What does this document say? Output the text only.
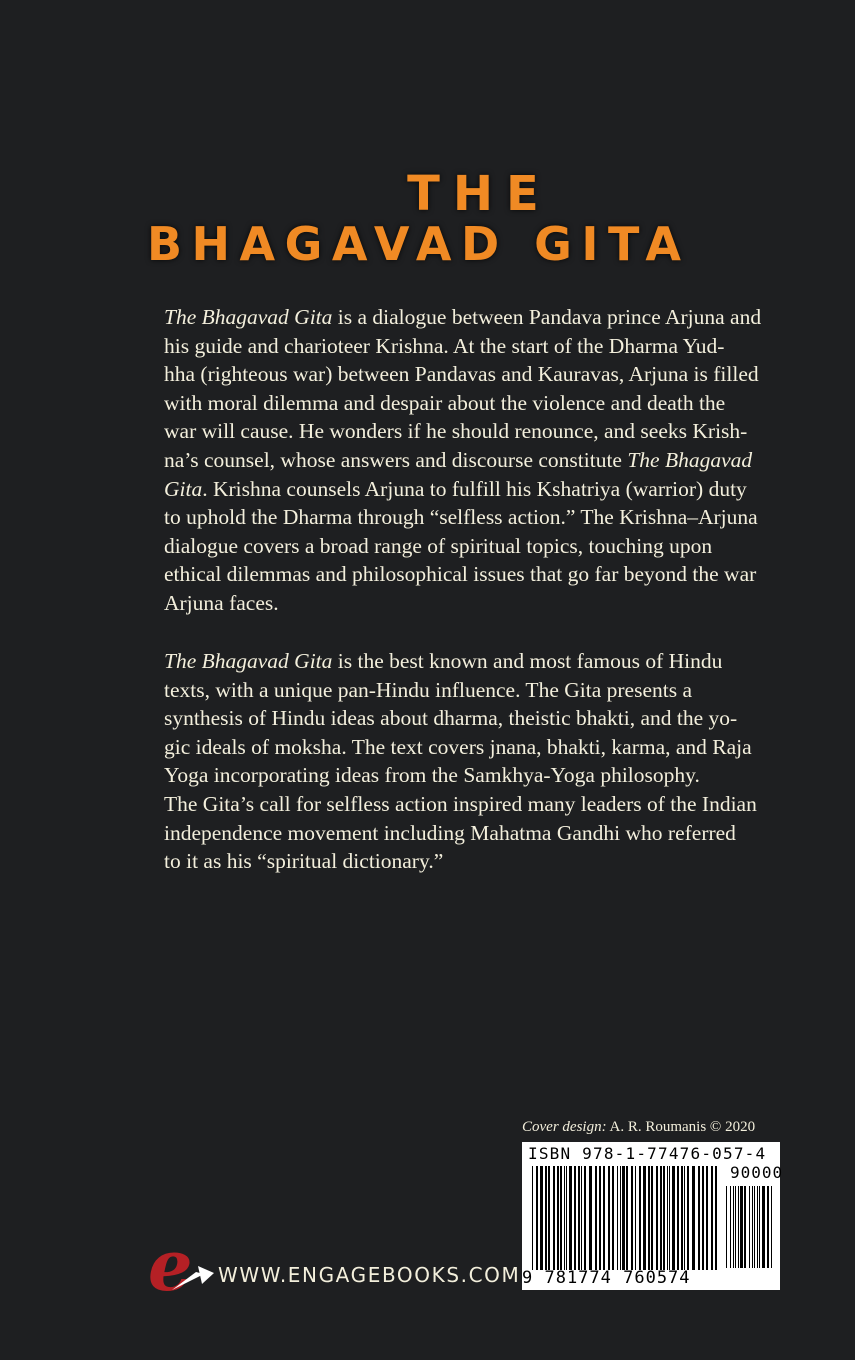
THE
BHAGAVAD GITA
The Bhagavad Gita is a dialogue between Pandava prince Arjuna and
his guide and charioteer Krishna. At the start of the Dharma Yud-
hha (righteous war) between Pandavas and Kauravas, Arjuna is filled
with moral dilemma and despair about the violence and death the
war will cause. He wonders if he should renounce, and seeks Krish-
na’s counsel, whose answers and discourse constitute The Bhagavad
Gita. Krishna counsels Arjuna to fulfill his Kshatriya (warrior) duty
to uphold the Dharma through “selfless action.” The Krishna–Arjuna
dialogue covers a broad range of spiritual topics, touching upon
ethical dilemmas and philosophical issues that go far beyond the war
Arjuna faces.
The Bhagavad Gita is the best known and most famous of Hindu
texts, with a unique pan-Hindu influence. The Gita presents a
synthesis of Hindu ideas about dharma, theistic bhakti, and the yo-
gic ideals of moksha. The text covers jnana, bhakti, karma, and Raja
Yoga incorporating ideas from the Samkhya-Yoga philosophy.
The Gita’s call for selfless action inspired many leaders of the Indian
independence movement including Mahatma Gandhi who referred
to it as his “spiritual dictionary.”
Cover design: A. R. Roumanis © 2020
ISBN 978-1-77476-057-4
90000
9 781774 760574
e WWW.ENGAGEBOOKS.COM
